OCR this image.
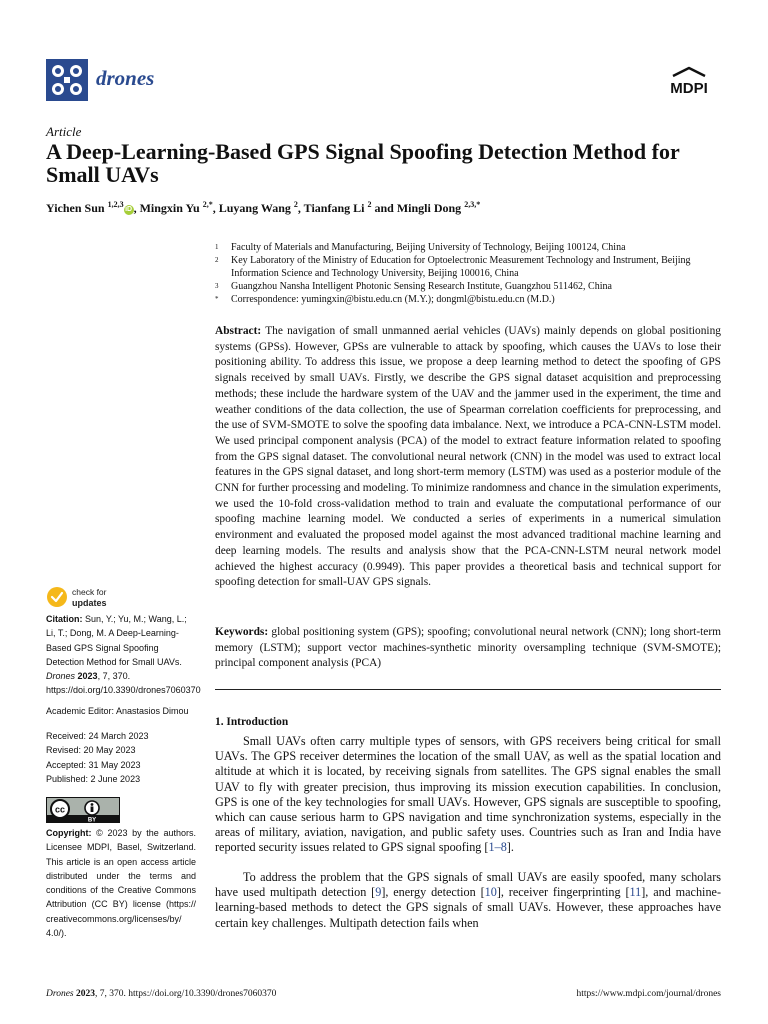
drones	MDPI
Article
A Deep-Learning-Based GPS Signal Spoofing Detection Method for Small UAVs
Yichen Sun $^{1,2,3}$iD , Mingxin Yu $^{2,*}$, Luyang Wang $^2$, Tianfang Li $^2$ and Mingli Dong $^{2,3,*}$
1	Faculty of Materials and Manufacturing, Beijing University of Technology, Beijing 100124, China
2	Key Laboratory of the Ministry of Education for Optoelectronic Measurement Technology and Instrument, Beijing Information Science and Technology University, Beijing 100016, China
3	Guangzhou Nansha Intelligent Photonic Sensing Research Institute, Guangzhou 511462, China
*	Correspondence: yumingxin@bistu.edu.cn (M.Y.); dongml@bistu.edu.cn (M.D.)
check for
updates
Citation: Sun, Y.; Yu, M.; Wang, L.; Li, T.; Dong, M. A Deep-Learning-Based GPS Signal Spoofing Detection Method for Small UAVs. Drones 2023, 7, 370. https://doi.org/10.3390/drones7060370
Academic Editor: Anastasios Dimou
Received: 24 March 2023
Revised: 20 May 2023
Accepted: 31 May 2023
Published: 2 June 2023
cc
BY
Copyright: © 2023 by the authors. Licensee MDPI, Basel, Switzerland. This article is an open access article distributed under the terms and conditions of the Creative Commons Attribution (CC BY) license (https:// creativecommons.org/licenses/by/ 4.0/).

Abstract: The navigation of small unmanned aerial vehicles (UAVs) mainly depends on global positioning systems (GPSs). However, GPSs are vulnerable to attack by spoofing, which causes the UAVs to lose their positioning ability. To address this issue, we propose a deep learning method to detect the spoofing of GPS signals received by small UAVs. Firstly, we describe the GPS signal dataset acquisition and preprocessing methods; these include the hardware system of the UAV and the jammer used in the experiment, the time and weather conditions of the data collection, the use of Spearman correlation coefficients for preprocessing, and the use of SVM-SMOTE to solve the spoofing data imbalance. Next, we introduce a PCA-CNN-LSTM model. We used principal component analysis (PCA) of the model to extract feature information related to spoofing from the GPS signal dataset. The convolutional neural network (CNN) in the model was used to extract local features in the GPS signal dataset, and long short-term memory (LSTM) was used as a posterior module of the CNN for further processing and modeling. To minimize randomness and chance in the simulation experiments, we used the 10-fold cross-validation method to train and evaluate the computational performance of our spoofing machine learning model. We conducted a series of experiments in a numerical simulation environment and evaluated the proposed model against the most advanced traditional machine learning and deep learning models. The results and analysis show that the PCA-CNN-LSTM neural network model achieved the highest accuracy (0.9949). This paper provides a theoretical basis and technical support for spoofing detection for small-UAV GPS signals.

Keywords: global positioning system (GPS); spoofing; convolutional neural network (CNN); long short-term memory (LSTM); support vector machines-synthetic minority oversampling technique (SVM-SMOTE); principal component analysis (PCA)

1. Introduction

Small UAVs often carry multiple types of sensors, with GPS receivers being critical for small UAVs. The GPS receiver determines the location of the small UAV, as well as the spatial location and altitude at which it is located, by receiving signals from satellites. The GPS signal enables the small UAV to fly with greater precision, thus improving its mission execution capabilities. In conclusion, GPS is one of the key technologies for small UAVs. However, GPS signals are susceptible to spoofing, which can cause serious harm to GPS navigation and time synchronization systems, especially in the areas of military, aviation, navigation, and public safety uses. Countries such as Iran and India have reported security issues related to GPS signal spoofing [1–8].

To address the problem that the GPS signals of small UAVs are easily spoofed, many scholars have used multipath detection [9], energy detection [10], receiver fingerprinting [11], and machine-learning-based methods to detect the GPS signals of small UAVs. However, these approaches have certain key challenges. Multipath detection fails when

Drones 2023, 7, 370. https://doi.org/10.3390/drones7060370	https://www.mdpi.com/journal/drones
